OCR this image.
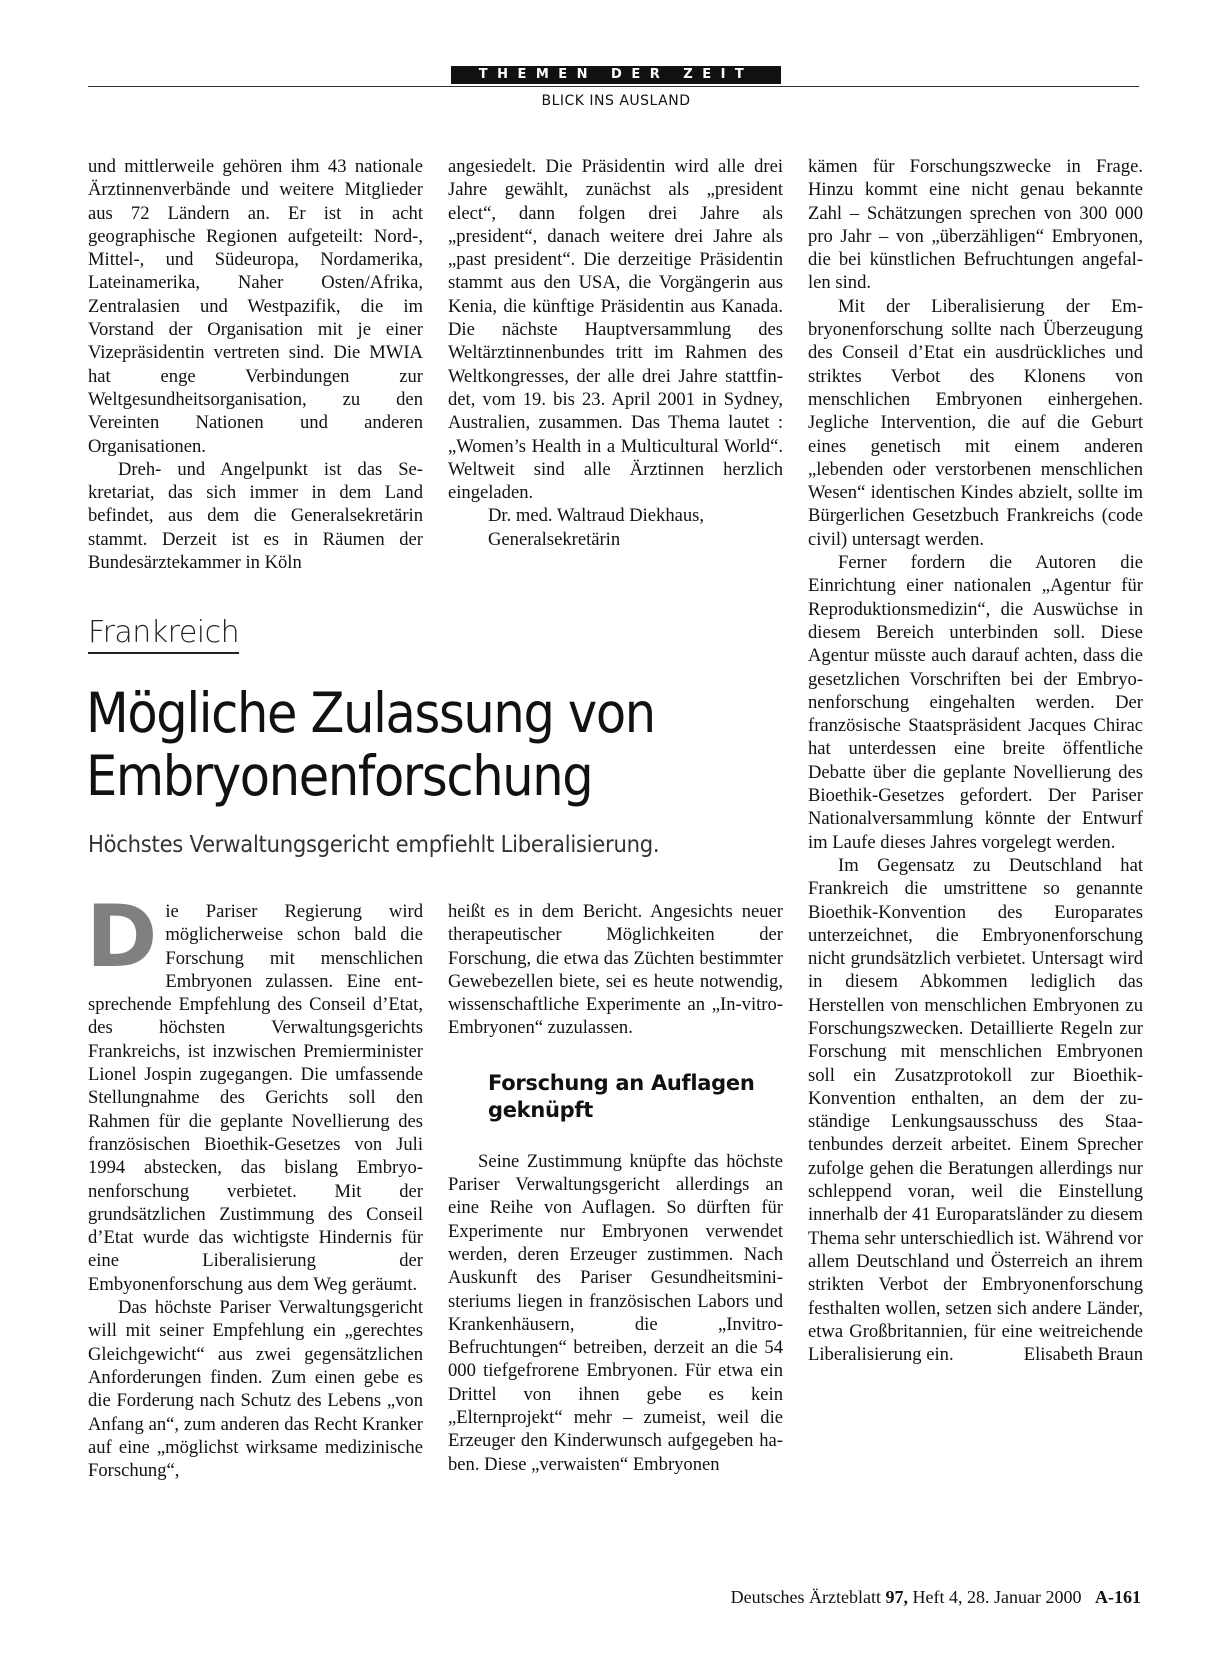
THEMEN DER ZEIT
BLICK INS AUSLAND

und mittlerweile gehören ihm 43 nationale Ärztinnenverbände und weitere Mitglieder aus 72 Ländern an. Er ist in acht geographische Regionen aufgeteilt: Nord-, Mittel-, und Südeuropa, Nordamerika, Lateinamerika, Naher Osten/Afrika, Zentralasien und Westpazifik, die im Vorstand der Organisation mit je einer Vizepräsidentin vertreten sind. Die MWIA hat enge Verbindungen zur Weltgesundheitsorganisation, zu den Vereinten Nationen und anderen Organisationen.

Dreh- und Angelpunkt ist das Sekretariat, das sich immer in dem Land befindet, aus dem die Generalsekretärin stammt. Derzeit ist es in Räumen der Bundesärztekammer in Köln

angesiedelt. Die Präsidentin wird alle drei Jahre gewählt, zunächst als „president elect“, dann folgen drei Jahre als „president“, danach weitere drei Jahre als „past president“. Die derzeitige Präsidentin stammt aus den USA, die Vorgängerin aus Kenia, die künftige Präsidentin aus Kanada. Die nächste Hauptversammlung des Weltärztinnenbundes tritt im Rahmen des Weltkongresses, der alle drei Jahre stattfindet, vom 19. bis 23. April 2001 in Sydney, Australien, zusammen. Das Thema lautet : „Women’s Health in a Multicultural World“. Weltweit sind alle Ärztinnen herzlich eingeladen.

Dr. med. Waltraud Diekhaus,

Generalsekretärin

Frankreich
Mögliche Zulassung von
Embryonenforschung
Höchstes Verwaltungsgericht empfiehlt Liberalisierung.

Die Pariser Regierung wird möglicherweise schon bald die Forschung mit menschlichen Embryonen zulassen. Eine entsprechende Empfehlung des Conseil d’Etat, des höchsten Verwaltungsgerichts Frankreichs, ist inzwischen Premierminister Lionel Jospin zugegangen. Die umfassende Stellungnahme des Gerichts soll den Rahmen für die geplante Novellierung des französischen Bioethik-Gesetzes von Juli 1994 abstecken, das bislang Embryonenforschung verbietet. Mit der grundsätzlichen Zustimmung des Conseil d’Etat wurde das wichtigste Hindernis für eine Liberalisierung der Embyonenforschung aus dem Weg geräumt.

Das höchste Pariser Verwaltungsgericht will mit seiner Empfehlung ein „gerechtes Gleichgewicht“ aus zwei gegensätzlichen Anforderungen finden. Zum einen gebe es die Forderung nach Schutz des Lebens „von Anfang an“, zum anderen das Recht Kranker auf eine „möglichst wirksame medizinische Forschung“,

heißt es in dem Bericht. Angesichts neuer therapeutischer Möglichkeiten der Forschung, die etwa das Züchten bestimmter Gewebezellen biete, sei es heute notwendig, wissenschaftliche Experimente an „In-vitro-Embryonen“ zuzulassen.

Forschung an Auflagen geknüpft

Seine Zustimmung knüpfte das höchste Pariser Verwaltungsgericht allerdings an eine Reihe von Auflagen. So dürften für Experimente nur Embryonen verwendet werden, deren Erzeuger zustimmen. Nach Auskunft des Pariser Gesundheitsministeriums liegen in französischen Labors und Krankenhäusern, die „Invitro-Befruchtungen“ betreiben, derzeit an die 54 000 tiefgefrorene Embryonen. Für etwa ein Drittel von ihnen gebe es kein „Elternprojekt“ mehr – zumeist, weil die Erzeuger den Kinderwunsch aufgegeben haben. Diese „verwaisten“ Embryonen

kämen für Forschungszwecke in Frage. Hinzu kommt eine nicht genau bekannte Zahl – Schätzungen sprechen von 300 000 pro Jahr – von „überzähligen“ Embryonen, die bei künstlichen Befruchtungen angefallen sind.

Mit der Liberalisierung der Embryonenforschung sollte nach Überzeugung des Conseil d’Etat ein ausdrückliches und striktes Verbot des Klonens von menschlichen Embryonen einhergehen. Jegliche Intervention, die auf die Geburt eines genetisch mit einem anderen „lebenden oder verstorbenen menschlichen Wesen“ identischen Kindes abzielt, sollte im Bürgerlichen Gesetzbuch Frankreichs (code civil) untersagt werden.

Ferner fordern die Autoren die Einrichtung einer nationalen „Agentur für Reproduktionsmedizin“, die Auswüchse in diesem Bereich unterbinden soll. Diese Agentur müsste auch darauf achten, dass die gesetzlichen Vorschriften bei der Embryonenforschung eingehalten werden. Der französische Staatspräsident Jacques Chirac hat unterdessen eine breite öffentliche Debatte über die geplante Novellierung des Bioethik-Gesetzes gefordert. Der Pariser Nationalversammlung könnte der Entwurf im Laufe dieses Jahres vorgelegt werden.

Im Gegensatz zu Deutschland hat Frankreich die umstrittene so genannte Bioethik-Konvention des Europarates unterzeichnet, die Embryonenforschung nicht grundsätzlich verbietet. Untersagt wird in diesem Abkommen lediglich das Herstellen von menschlichen Embryonen zu Forschungszwecken. Detaillierte Regeln zur Forschung mit menschlichen Embryonen soll ein Zusatzprotokoll zur Bioethik-Konvention enthalten, an dem der zuständige Lenkungsausschuss des Staatenbundes derzeit arbeitet. Einem Sprecher zufolge gehen die Beratungen allerdings nur schleppend voran, weil die Einstellung innerhalb der 41 Europaratsländer zu diesem Thema sehr unterschiedlich ist. Während vor allem Deutschland und Österreich an ihrem strikten Verbot der Embryonenforschung festhalten wollen, setzen sich andere Länder, etwa Großbritannien, für eine weitreichende Liberalisierung ein.	Elisabeth Braun

Deutsches Ärzteblatt 97, Heft 4, 28. Januar 2000 A-161
